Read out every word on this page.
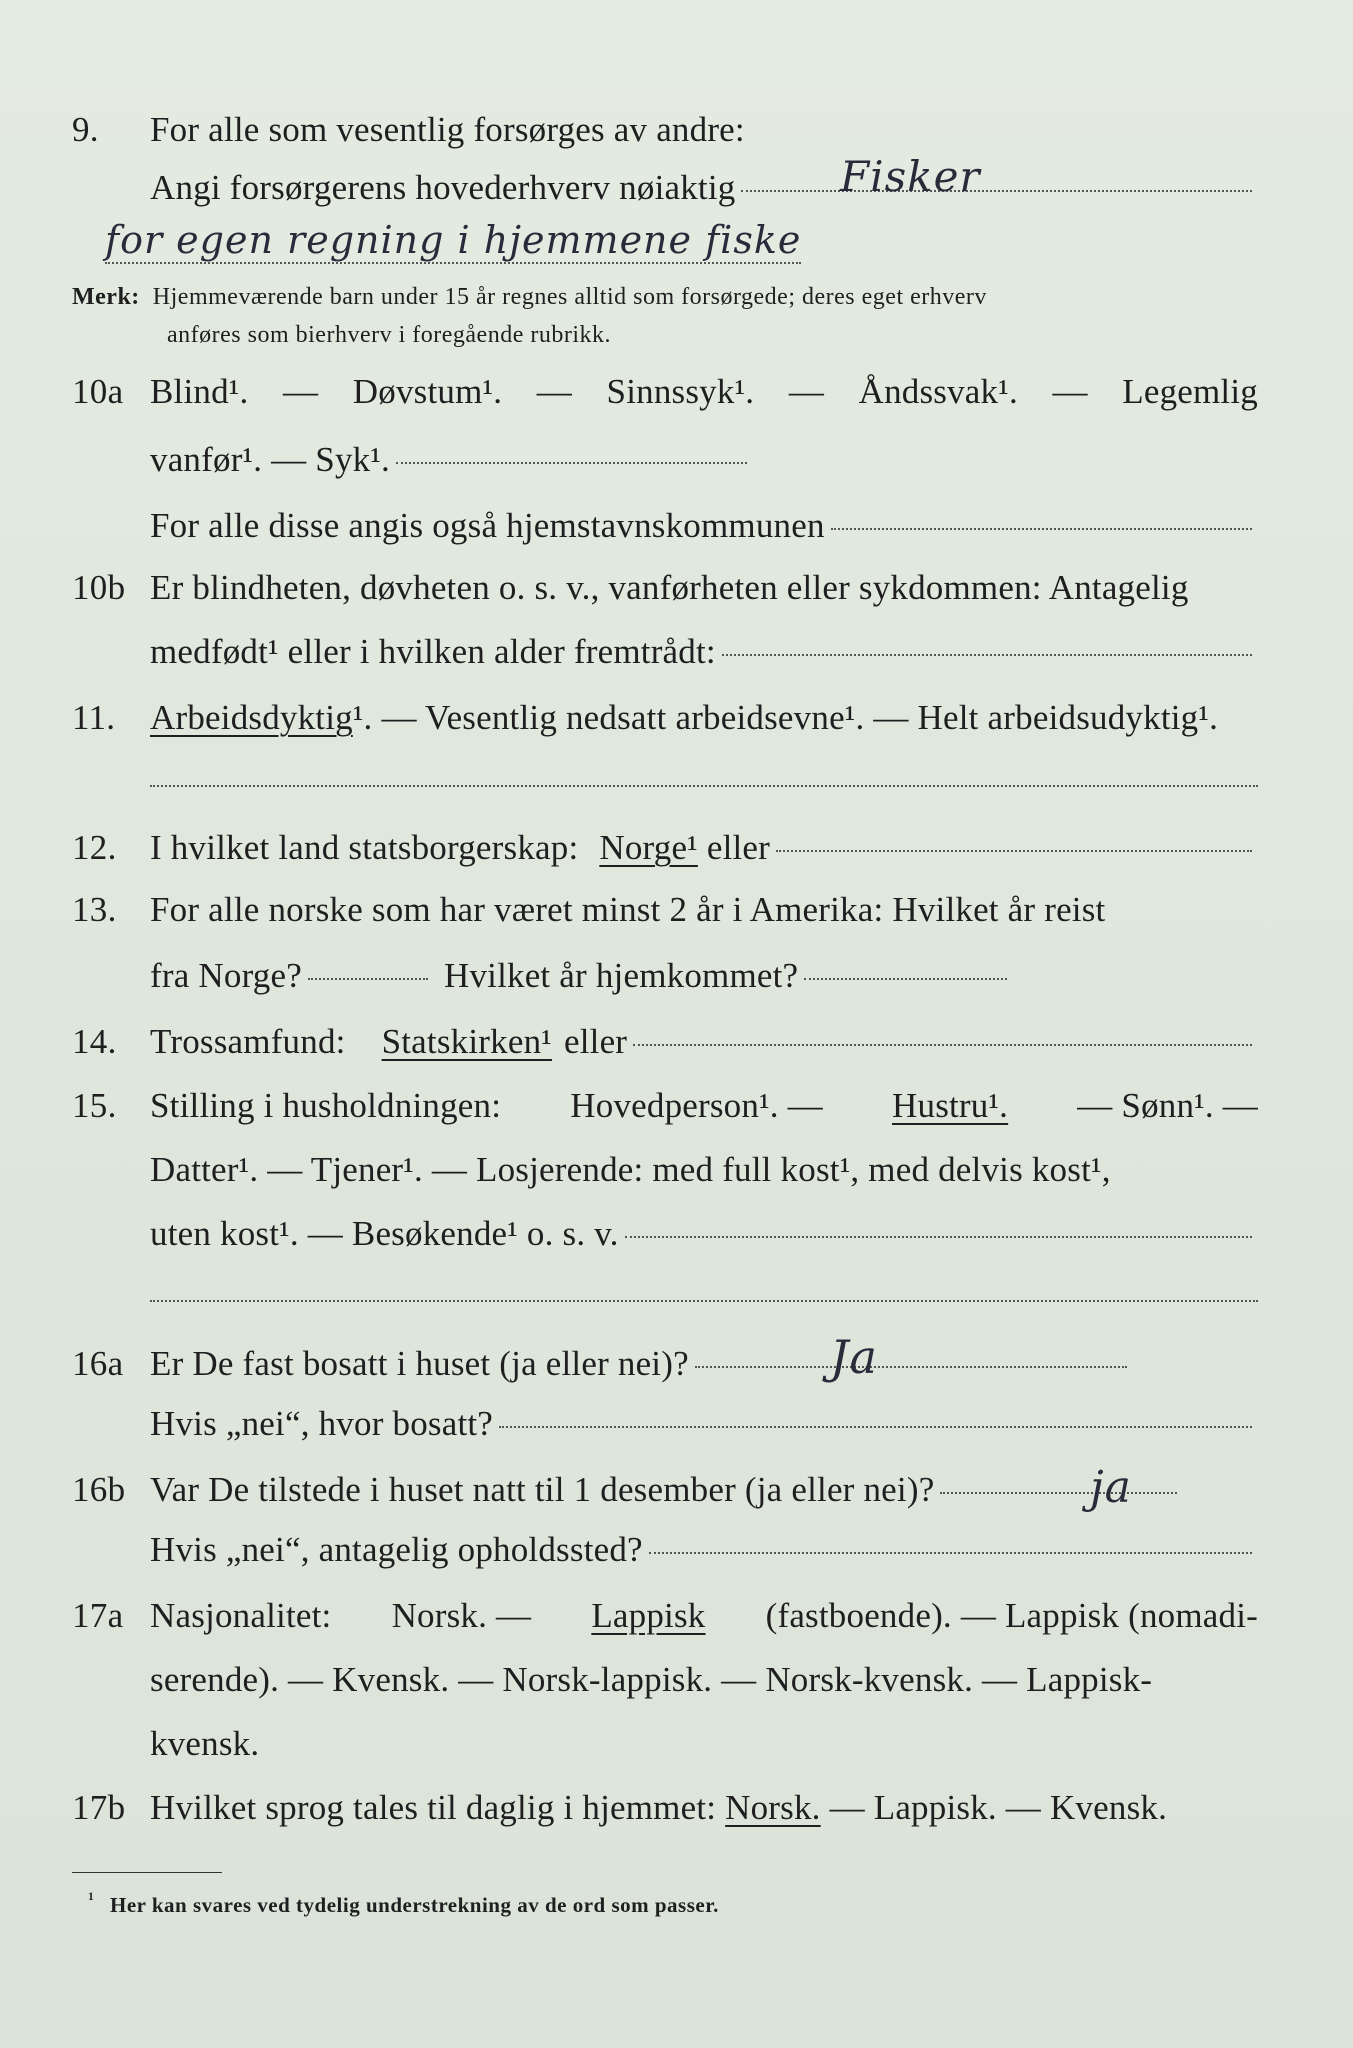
9. For alle som vesentlig forsørges av andre:
Angi forsørgerens hovederhverv nøiaktig Fisker
for egen regning i hjemmene fiske
Merk: Hjemmeværende barn under 15 år regnes alltid som forsørgede; deres eget erhverv
anføres som bierhverv i foregående rubrikk.
10a Blind¹. — Døvstum¹. — Sinnssyk¹. — Åndssvak¹. — Legemlig
vanfør¹. — Syk¹.
For alle disse angis også hjemstavnskommunen
10b Er blindheten, døvheten o. s. v., vanførheten eller sykdommen: Antagelig
medfødt¹ eller i hvilken alder fremtrådt:
11. Arbeidsdyktig¹. — Vesentlig nedsatt arbeidsevne¹. — Helt arbeidsudyktig¹.
12. I hvilket land statsborgerskap:
Norge¹
eller
13. For alle norske som har været minst 2 år i Amerika: Hvilket år reist
fra Norge?	Hvilket år hjemkommet?
14. Trossamfund: Statskirken¹ eller
15. Stilling i husholdningen: Hovedperson¹. — Hustru¹. — Sønn¹. —
Datter¹. — Tjener¹. — Losjerende: med full kost¹, med delvis kost¹,
uten kost¹. — Besøkende¹ o. s. v.
16a Er De fast bosatt i huset (ja eller nei)?	Ja
Hvis „nei“, hvor bosatt?
16b Var De tilstede i huset natt til 1 desember (ja eller nei)?	ja
Hvis „nei“, antagelig opholdssted?
17a Nasjonalitet: Norsk. — Lappisk (fastboende). — Lappisk (nomadi-
serende). — Kvensk. — Norsk-lappisk. — Norsk-kvensk. — Lappisk-
kvensk.
17b Hvilket sprog tales til daglig i hjemmet: Norsk. — Lappisk. — Kvensk.
1 Her kan svares ved tydelig understrekning av de ord som passer.
